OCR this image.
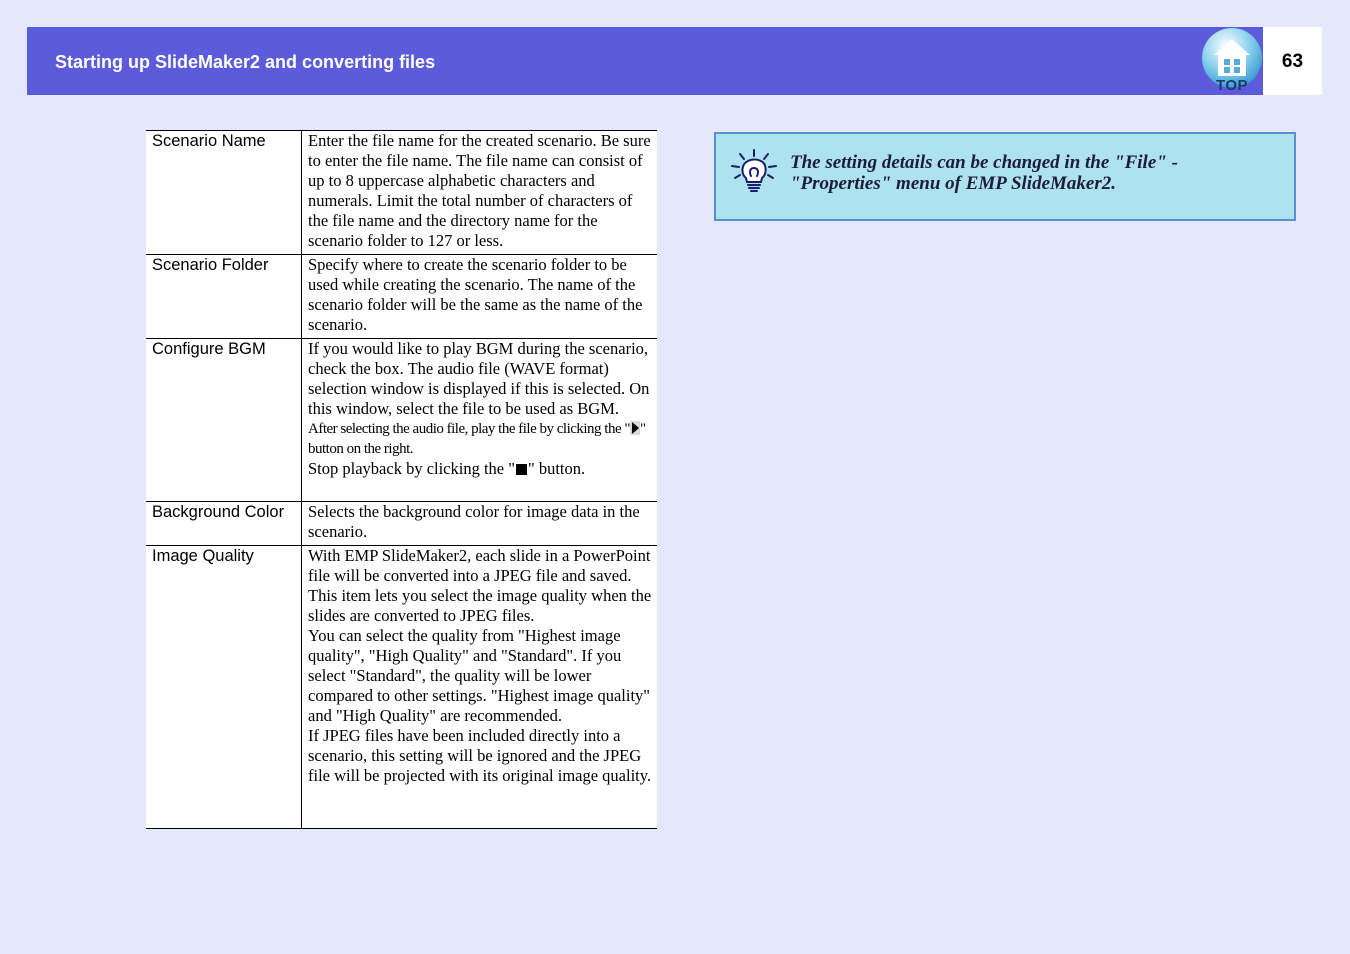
Starting up SlideMaker2 and converting files
TOP
63
Scenario Name	Enter the file name for the created scenario. Be sure to enter the file name. The file name can consist of up to 8 uppercase alphabetic characters and numerals. Limit the total number of characters of the file name and the directory name for the scenario folder to 127 or less.
Scenario Folder	Specify where to create the scenario folder to be used while creating the scenario. The name of the scenario folder will be the same as the name of the scenario.
Configure BGM	If you would like to play BGM during the scenario, check the box. The audio file (WAVE format) selection window is displayed if this is selected. On this window, select the file to be used as BGM.
After selecting the audio file, play the file by clicking the " " button on the right.
Stop playback by clicking the " " button.

Background Color	Selects the background color for image data in the scenario.
Image Quality	With EMP SlideMaker2, each slide in a PowerPoint file will be converted into a JPEG file and saved. This item lets you select the image quality when the slides are converted to JPEG files.
You can select the quality from "Highest image quality", "High Quality" and "Standard". If you select "Standard", the quality will be lower compared to other settings. "Highest image quality" and "High Quality" are recommended.
If JPEG files have been included directly into a scenario, this setting will be ignored and the JPEG file will be projected with its original image quality.
The setting details can be changed in the "File" - "Properties" menu of EMP SlideMaker2.
